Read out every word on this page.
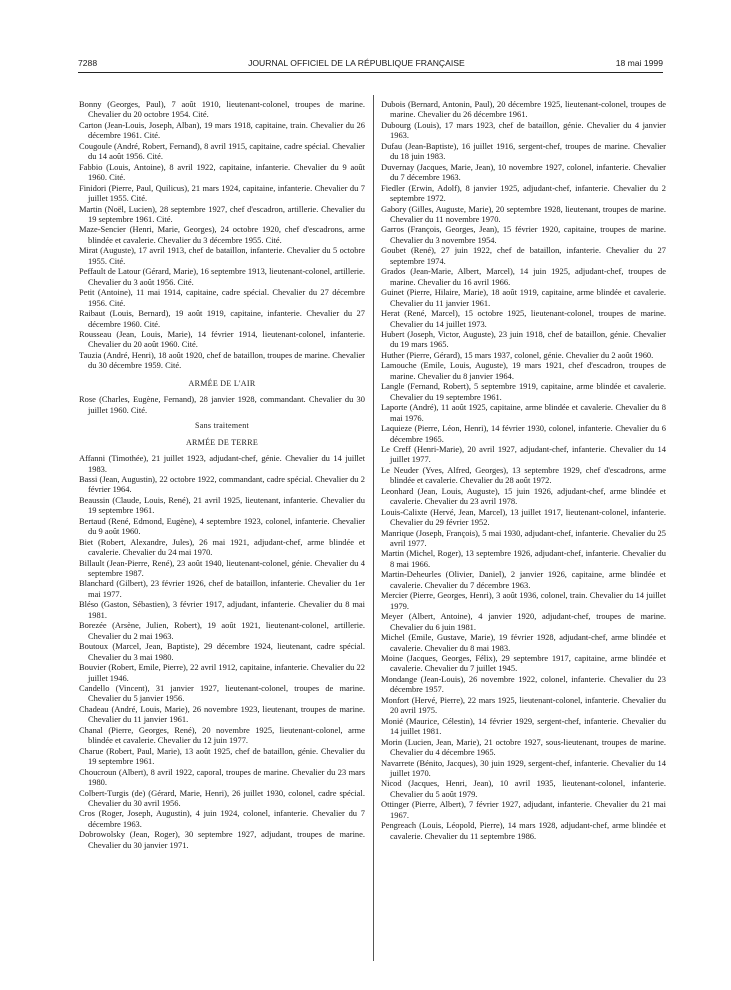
7288	JOURNAL OFFICIEL DE LA RÉPUBLIQUE FRANÇAISE	18 mai 1999

Bonny (Georges, Paul), 7 août 1910, lieutenant-colonel, troupes de marine. Chevalier du 20 octobre 1954. Cité.

Carton (Jean-Louis, Joseph, Alban), 19 mars 1918, capitaine, train. Chevalier du 26 décembre 1961. Cité.

Cougoule (André, Robert, Fernand), 8 avril 1915, capitaine, cadre spécial. Chevalier du 14 août 1956. Cité.

Fabbio (Louis, Antoine), 8 avril 1922, capitaine, infanterie. Chevalier du 9 août 1960. Cité.

Finidori (Pierre, Paul, Quilicus), 21 mars 1924, capitaine, infanterie. Chevalier du 7 juillet 1955. Cité.

Martin (Noël, Lucien), 28 septembre 1927, chef d'escadron, artillerie. Chevalier du 19 septembre 1961. Cité.

Maze-Sencier (Henri, Marie, Georges), 24 octobre 1920, chef d'escadrons, arme blindée et cavalerie. Chevalier du 3 décembre 1955. Cité.

Mirat (Auguste), 17 avril 1913, chef de bataillon, infanterie. Chevalier du 5 octobre 1955. Cité.

Peffault de Latour (Gérard, Marie), 16 septembre 1913, lieutenant-colonel, artillerie. Chevalier du 3 août 1956. Cité.

Petit (Antoine), 11 mai 1914, capitaine, cadre spécial. Chevalier du 27 décembre 1956. Cité.

Raibaut (Louis, Bernard), 19 août 1919, capitaine, infanterie. Chevalier du 27 décembre 1960. Cité.

Rousseau (Jean, Louis, Marie), 14 février 1914, lieutenant-colonel, infanterie. Chevalier du 20 août 1960. Cité.

Tauzia (André, Henri), 18 août 1920, chef de bataillon, troupes de marine. Chevalier du 30 décembre 1959. Cité.

ARMÉE DE L'AIR

Rose (Charles, Eugène, Fernand), 28 janvier 1928, commandant. Chevalier du 30 juillet 1960. Cité.

Sans traitement
ARMÉE DE TERRE

Affanni (Timothée), 21 juillet 1923, adjudant-chef, génie. Chevalier du 14 juillet 1983.

Bassi (Jean, Augustin), 22 octobre 1922, commandant, cadre spécial. Chevalier du 2 février 1964.

Beaussin (Claude, Louis, René), 21 avril 1925, lieutenant, infanterie. Chevalier du 19 septembre 1961.

Bertaud (René, Edmond, Eugène), 4 septembre 1923, colonel, infanterie. Chevalier du 9 août 1960.

Biet (Robert, Alexandre, Jules), 26 mai 1921, adjudant-chef, arme blindée et cavalerie. Chevalier du 24 mai 1970.

Billault (Jean-Pierre, René), 23 août 1940, lieutenant-colonel, génie. Chevalier du 4 septembre 1987.

Blanchard (Gilbert), 23 février 1926, chef de bataillon, infanterie. Chevalier du 1er mai 1977.

Bléso (Gaston, Sébastien), 3 février 1917, adjudant, infanterie. Chevalier du 8 mai 1981.

Borezée (Arsène, Julien, Robert), 19 août 1921, lieutenant-colonel, artillerie. Chevalier du 2 mai 1963.

Boutoux (Marcel, Jean, Baptiste), 29 décembre 1924, lieutenant, cadre spécial. Chevalier du 3 mai 1980.

Bouvier (Robert, Emile, Pierre), 22 avril 1912, capitaine, infanterie. Chevalier du 22 juillet 1946.

Candello (Vincent), 31 janvier 1927, lieutenant-colonel, troupes de marine. Chevalier du 5 janvier 1956.

Chadeau (André, Louis, Marie), 26 novembre 1923, lieutenant, troupes de marine. Chevalier du 11 janvier 1961.

Chanal (Pierre, Georges, René), 20 novembre 1925, lieutenant-colonel, arme blindée et cavalerie. Chevalier du 12 juin 1977.

Charue (Robert, Paul, Marie), 13 août 1925, chef de bataillon, génie. Chevalier du 19 septembre 1961.

Choucroun (Albert), 8 avril 1922, caporal, troupes de marine. Chevalier du 23 mars 1980.

Colbert-Turgis (de) (Gérard, Marie, Henri), 26 juillet 1930, colonel, cadre spécial. Chevalier du 30 avril 1956.

Cros (Roger, Joseph, Augustin), 4 juin 1924, colonel, infanterie. Chevalier du 7 décembre 1963.

Dobrowolsky (Jean, Roger), 30 septembre 1927, adjudant, troupes de marine. Chevalier du 30 janvier 1971.

Dubois (Bernard, Antonin, Paul), 20 décembre 1925, lieutenant-colonel, troupes de marine. Chevalier du 26 décembre 1961.

Dubourg (Louis), 17 mars 1923, chef de bataillon, génie. Chevalier du 4 janvier 1963.

Dufau (Jean-Baptiste), 16 juillet 1916, sergent-chef, troupes de marine. Chevalier du 18 juin 1983.

Duvernay (Jacques, Marie, Jean), 10 novembre 1927, colonel, infanterie. Chevalier du 7 décembre 1963.

Fiedler (Erwin, Adolf), 8 janvier 1925, adjudant-chef, infanterie. Chevalier du 2 septembre 1972.

Gabory (Gilles, Auguste, Marie), 20 septembre 1928, lieutenant, troupes de marine. Chevalier du 11 novembre 1970.

Garros (François, Georges, Jean), 15 février 1920, capitaine, troupes de marine. Chevalier du 3 novembre 1954.

Goubet (René), 27 juin 1922, chef de bataillon, infanterie. Chevalier du 27 septembre 1974.

Grados (Jean-Marie, Albert, Marcel), 14 juin 1925, adjudant-chef, troupes de marine. Chevalier du 16 avril 1966.

Guinet (Pierre, Hilaire, Marie), 18 août 1919, capitaine, arme blindée et cavalerie. Chevalier du 11 janvier 1961.

Herat (René, Marcel), 15 octobre 1925, lieutenant-colonel, troupes de marine. Chevalier du 14 juillet 1973.

Hubert (Joseph, Victor, Auguste), 23 juin 1918, chef de bataillon, génie. Chevalier du 19 mars 1965.

Huther (Pierre, Gérard), 15 mars 1937, colonel, génie. Chevalier du 2 août 1960.

Lamouche (Emile, Louis, Auguste), 19 mars 1921, chef d'escadron, troupes de marine. Chevalier du 8 janvier 1964.

Langle (Fernand, Robert), 5 septembre 1919, capitaine, arme blindée et cavalerie. Chevalier du 19 septembre 1961.

Laporte (André), 11 août 1925, capitaine, arme blindée et cavalerie. Chevalier du 8 mai 1976.

Laquieze (Pierre, Léon, Henri), 14 février 1930, colonel, infanterie. Chevalier du 6 décembre 1965.

Le Creff (Henri-Marie), 20 avril 1927, adjudant-chef, infanterie. Chevalier du 14 juillet 1977.

Le Neuder (Yves, Alfred, Georges), 13 septembre 1929, chef d'escadrons, arme blindée et cavalerie. Chevalier du 28 août 1972.

Leonhard (Jean, Louis, Auguste), 15 juin 1926, adjudant-chef, arme blindée et cavalerie. Chevalier du 23 avril 1978.

Louis-Calixte (Hervé, Jean, Marcel), 13 juillet 1917, lieutenant-colonel, infanterie. Chevalier du 29 février 1952.

Manrique (Joseph, François), 5 mai 1930, adjudant-chef, infanterie. Chevalier du 25 avril 1977.

Martin (Michel, Roger), 13 septembre 1926, adjudant-chef, infanterie. Chevalier du 8 mai 1966.

Martin-Deheurles (Olivier, Daniel), 2 janvier 1926, capitaine, arme blindée et cavalerie. Chevalier du 7 décembre 1963.

Mercier (Pierre, Georges, Henri), 3 août 1936, colonel, train. Chevalier du 14 juillet 1979.

Meyer (Albert, Antoine), 4 janvier 1920, adjudant-chef, troupes de marine. Chevalier du 6 juin 1981.

Michel (Emile, Gustave, Marie), 19 février 1928, adjudant-chef, arme blindée et cavalerie. Chevalier du 8 mai 1983.

Moine (Jacques, Georges, Félix), 29 septembre 1917, capitaine, arme blindée et cavalerie. Chevalier du 7 juillet 1945.

Mondange (Jean-Louis), 26 novembre 1922, colonel, infanterie. Chevalier du 23 décembre 1957.

Monfort (Hervé, Pierre), 22 mars 1925, lieutenant-colonel, infanterie. Chevalier du 20 avril 1975.

Monié (Maurice, Célestin), 14 février 1929, sergent-chef, infanterie. Chevalier du 14 juillet 1981.

Morin (Lucien, Jean, Marie), 21 octobre 1927, sous-lieutenant, troupes de marine. Chevalier du 4 décembre 1965.

Navarrete (Bénito, Jacques), 30 juin 1929, sergent-chef, infanterie. Chevalier du 14 juillet 1970.

Nicod (Jacques, Henri, Jean), 10 avril 1935, lieutenant-colonel, infanterie. Chevalier du 5 août 1979.

Ottinger (Pierre, Albert), 7 février 1927, adjudant, infanterie. Chevalier du 21 mai 1967.

Pengreach (Louis, Léopold, Pierre), 14 mars 1928, adjudant-chef, arme blindée et cavalerie. Chevalier du 11 septembre 1986.
